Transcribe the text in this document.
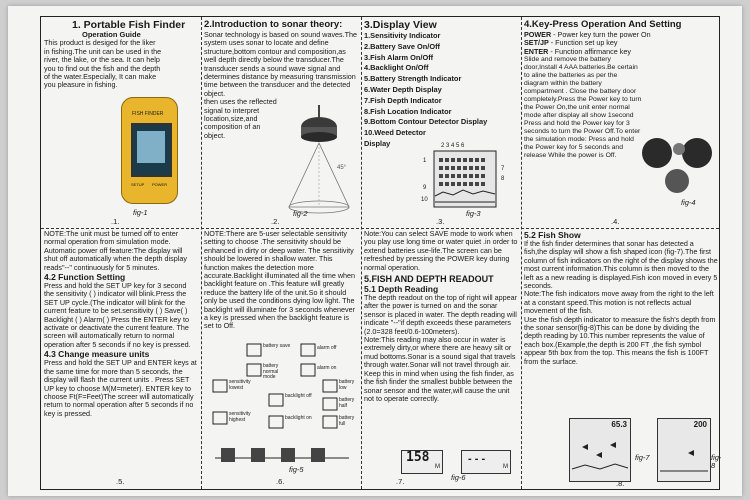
1. Portable Fish Finder
Operation Guide
This product is desiged for the liker in fishing.The unit can be used in the river, the lake, or the sea. It can help you to find out the fish and the depth of the water.Especially, It can make you pleasure in fishing.
FISH FINDER
SETUP POWER
fig-1
.1.
2.Introduction to sonar theory:
Sonar technology is based on sound waves.The system uses sonar to locate and define structure,bottom contour and composition,as well depth directly below the transducer.The transducer sends a sound wave signal and determines distance by measuring transmission time between the transducer and the detected object.
then uses the reflected signal to interpret location,size,and composition of an object.
45°
fig-2
.2.
3.Display View
1.Sensitivity Indicator
2.Battery Save On/Off
3.Fish Alarm On/Off
4.Backlight On/Off
5.Battery Strength Indicator
6.Water Depth Display
7.Fish Depth Indicator
8.Fish Location Indicator
9.Bottom Contour Detector Display
10.Weed Detector
Display	2 3 4 5 6
1
9
10
7
8
fig-3
.3.
4.Key-Press Operation And Setting
POWER - Power key turn the power On
SET/JP - Function set up key
ENTER - Function affirmance key
Slide and remove the battery door,Install 4 AAA batteries.Be certain to aline the batteries as per the diagram within the battery compartment . Close the battery door completely.Press the Power key to turn the Power On,the unit enter normal mode after display all show 1second Press and hold the Power key for 3 seconds to turn the Power Off.To enter the simulation mode: Press and hold the Power key for 5 seconds and release While the power is Off.
fig-4
.4.
NOTE:The unit must be turned off to enter normal operation from simulation mode.
Automatic power off feature:The display will shut off automatically when the depth display reads"--" continuously for 5 minutes.
4.2 Function Setting
Press and hold the SET UP key for 3 second the sensitivity ( ) indicator will blink.Press the SET UP cycle.(The indicator will blink for the current feature to be set.sensitivity ( ) Save( ) Backlight ( ) Alarm( ) Press the ENTER key to activate or deactivate the current feature. The screen will automatically return to normal operation after 5 seconds if no key is pressed.
4.3 Change measure units
Press and hold the SET UP and ENTER keys at the same time for more than 5 seconds, the display will flash the current units . Press SET UP key to choose M(M=meter). ENTER key to choose Ft(F=Feet)The screer will automatically return to normal operation after 5 seconds if no key is pressed.
.5.
NOTE:There are 5-user selectable sensitivity setting to choose .The sensitivity should be enhanced in dirty or deep water. The sensitivity should be lowered in shallow water. This function makes the detection more accurate.Backlight illuminated all the time when backlight feature on .This feature will greatly reduce the battery life of the unit.So it should only be used the conditions dying low light. The backlight will illuminate for 3 seconds whenever a key is pressed when the backlight feature is set to Off.
battery save
battery normal mode
alarm off
alarm on
sensitivity lowest
backlight off
battery low
backlight on
battery half
sensitivity highest	battery full
fig-5
.6.
Note:You can select SAVE mode to work when you play use long time or water quiet .in order to extend batteries use-life.The screen can be refreshed by pressing the POWER key during normal operation.
5.FISH AND DEPTH READOUT
5.1 Depth Reading
The depth readout on the top of right will appear after the power is turned on and the sonar sensor is placed in water. The depth reading will indicate "--"if depth exceeds these parameters (2.0=328 feet/0.6-100meters).
Note:This reading may also occur in water is extremely dirty,or where there are heavy silt or mud bottoms.Sonar is a sound sigal that travels through water.Sonar will not travel through air. Keep this in mind when using the fish finder, as the fish finder the smallest bubble between the sonar sensor and the water,will cause the unit not to operate correctly.
158
M
- - -
M
fig-6
.7.
5.2 Fish Show
If the fish finder determines that sonar has detected a fish,the display will show a fish shaped icon (fig-7).The first column of fish indicators on the right of the display shows the most current information.This column is then moved to the left as a new reading is displayed.Fish icon moved in every 5 seconds.
Note:The fish indicators move away from the right to the left at a constant speed.This motion is not reflects actual movement of the fish.
Use the fish depth indicator to measure the fish's depth from the sonar sensor(fig-8)This can be done by dividing the depth reading by 10.This number represents the value of each box.(Example,the depth is 200 FT ,the fish symbol appear 5th box from the top. This means the fish is 100FT from the surface.
65.3
fig-7
200
fig-8
.8.
